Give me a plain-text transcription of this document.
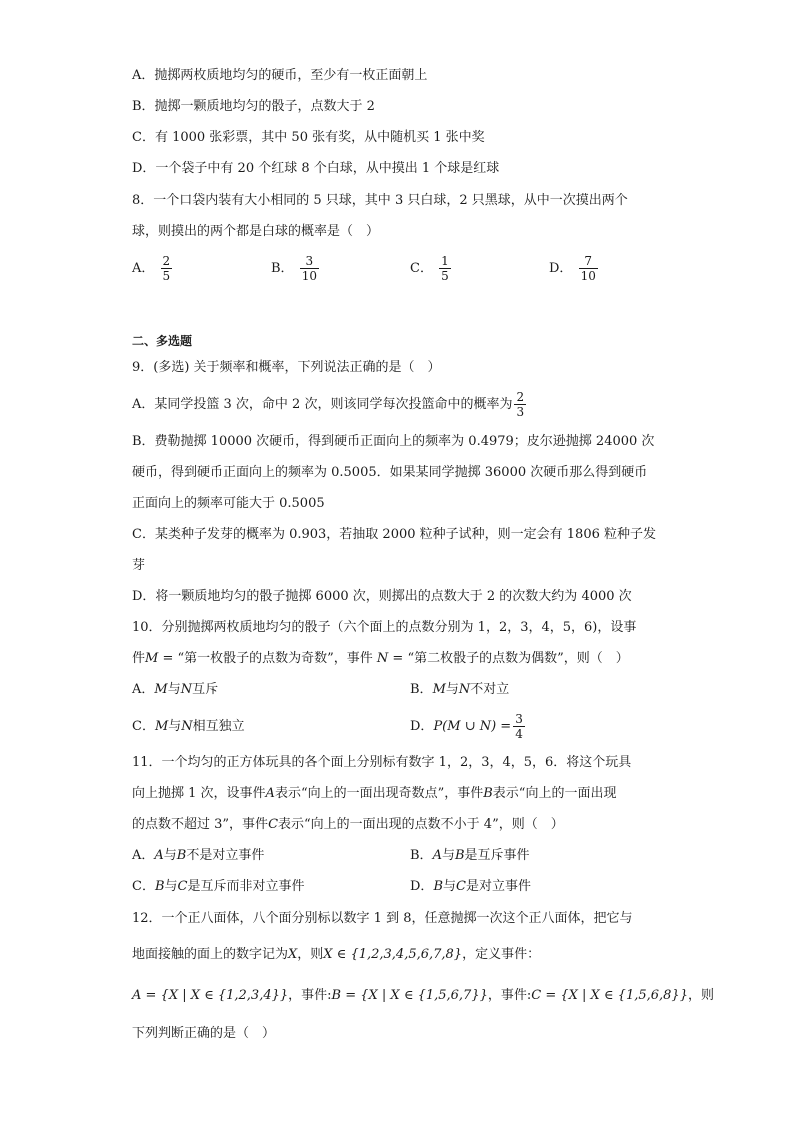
A．抛掷两枚质地均匀的硬币，至少有一枚正面朝上
B．抛掷一颗质地均匀的骰子，点数大于 2
C．有 1000 张彩票，其中 50 张有奖，从中随机买 1 张中奖
D．一个袋子中有 20 个红球 8 个白球，从中摸出 1 个球是红球
8．一个口袋内装有大小相同的 5 只球，其中 3 只白球，2 只黑球，从中一次摸出两个
球，则摸出的两个都是白球的概率是（　）
A． $\frac{2}{5}$	B． $\frac{3}{10}$	C． $\frac{1}{5}$	D． $\frac{7}{10}$
二、多选题
9．(多选) 关于频率和概率，下列说法正确的是（　）
A．某同学投篮 3 次，命中 2 次，则该同学每次投篮命中的概率为 $\frac{2}{3}$
B．费勒抛掷 10000 次硬币，得到硬币正面向上的频率为 0.4979；皮尔逊抛掷 24000 次
硬币，得到硬币正面向上的频率为 0.5005．如果某同学抛掷 36000 次硬币那么得到硬币
正面向上的频率可能大于 0.5005
C．某类种子发芽的概率为 0.903，若抽取 2000 粒种子试种，则一定会有 1806 粒种子发
芽
D．将一颗质地均匀的骰子抛掷 6000 次，则掷出的点数大于 2 的次数大约为 4000 次
10．分别抛掷两枚质地均匀的骰子（六个面上的点数分别为 1，2，3，4，5，6)，设事
件M = “第一枚骰子的点数为奇数”，事件 N = “第二枚骰子的点数为偶数”，则（　）
A．M与N互斥	B．M与N不对立
C．M与N相互独立	D．P(M ∪ $N) = \frac{3}{4}$
11．一个均匀的正方体玩具的各个面上分别标有数字 1，2，3，4，5，6．将这个玩具
向上抛掷 1 次，设事件A表示“向上的一面出现奇数点”，事件B表示“向上的一面出现
的点数不超过 3”，事件C表示“向上的一面出现的点数不小于 4”，则（　）
A．A与B不是对立事件	B．A与B是互斥事件
C．B与C是互斥而非对立事件	D．B与C是对立事件
12．一个正八面体，八个面分别标以数字 1 到 8，任意抛掷一次这个正八面体，把它与
地面接触的面上的数字记为X，则X ∈ {1,2,3,4,5,6,7,8}，定义事件：
A = {X | X ∈ {1,2,3,4}}，事件:B = {X | X ∈ {1,5,6,7}}，事件:C = {X | X ∈ {1,5,6,8}}，则
下列判断正确的是（　）
